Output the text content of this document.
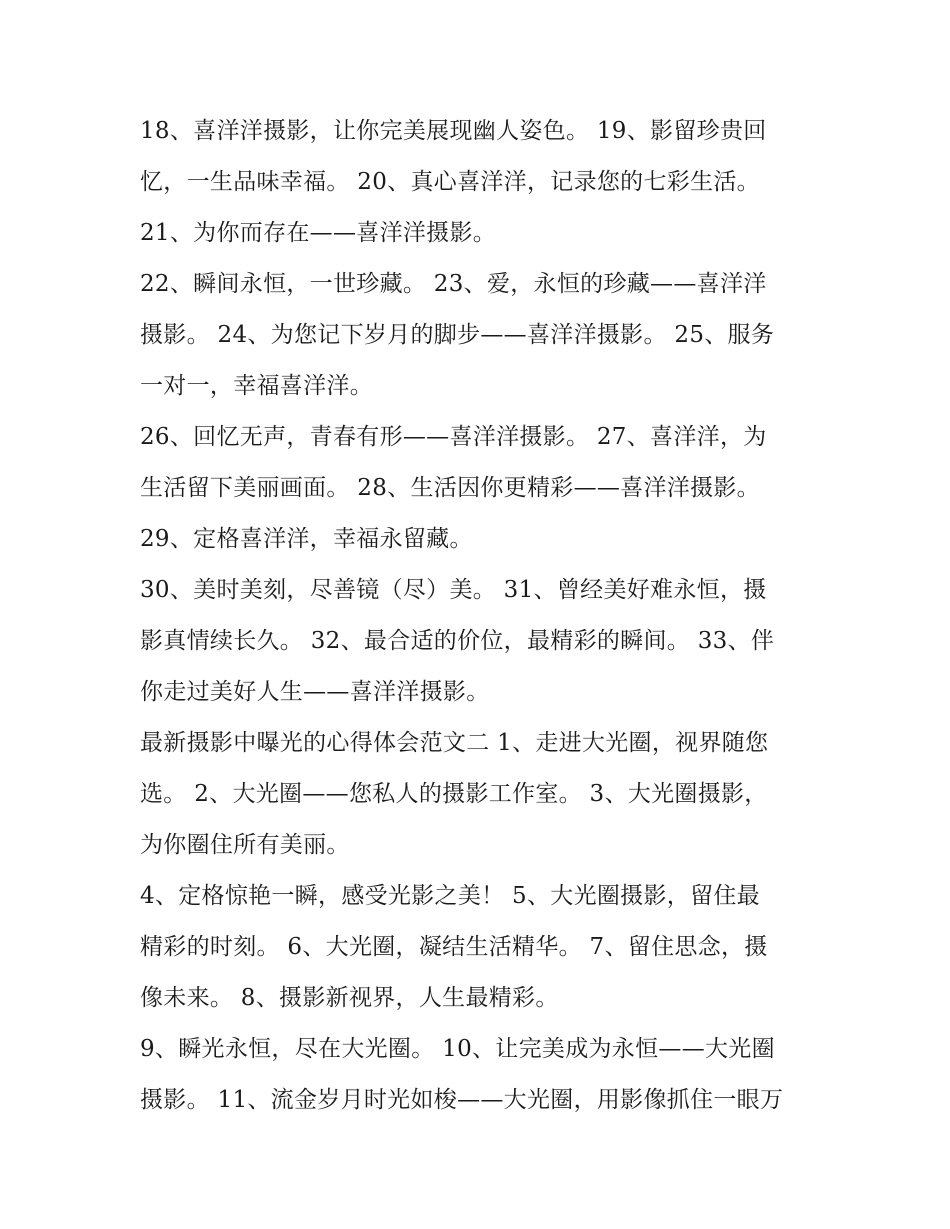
18、喜洋洋摄影，让你完美展现幽人姿色。 19、影留珍贵回
忆，一生品味幸福。 20、真心喜洋洋，记录您的七彩生活。
21、为你而存在——喜洋洋摄影。
22、瞬间永恒，一世珍藏。 23、爱，永恒的珍藏——喜洋洋
摄影。 24、为您记下岁月的脚步——喜洋洋摄影。 25、服务
一对一，幸福喜洋洋。
26、回忆无声，青春有形——喜洋洋摄影。 27、喜洋洋，为
生活留下美丽画面。 28、生活因你更精彩——喜洋洋摄影。
29、定格喜洋洋，幸福永留藏。
30、美时美刻，尽善镜（尽）美。 31、曾经美好难永恒，摄
影真情续长久。 32、最合适的价位，最精彩的瞬间。 33、伴
你走过美好人生——喜洋洋摄影。
最新摄影中曝光的心得体会范文二 1、走进大光圈，视界随您
选。 2、大光圈——您私人的摄影工作室。 3、大光圈摄影，
为你圈住所有美丽。
4、定格惊艳一瞬，感受光影之美！ 5、大光圈摄影，留住最
精彩的时刻。 6、大光圈，凝结生活精华。 7、留住思念，摄
像未来。 8、摄影新视界，人生最精彩。
9、瞬光永恒，尽在大光圈。 10、让完美成为永恒——大光圈
摄影。 11、流金岁月时光如梭——大光圈，用影像抓住一眼万
